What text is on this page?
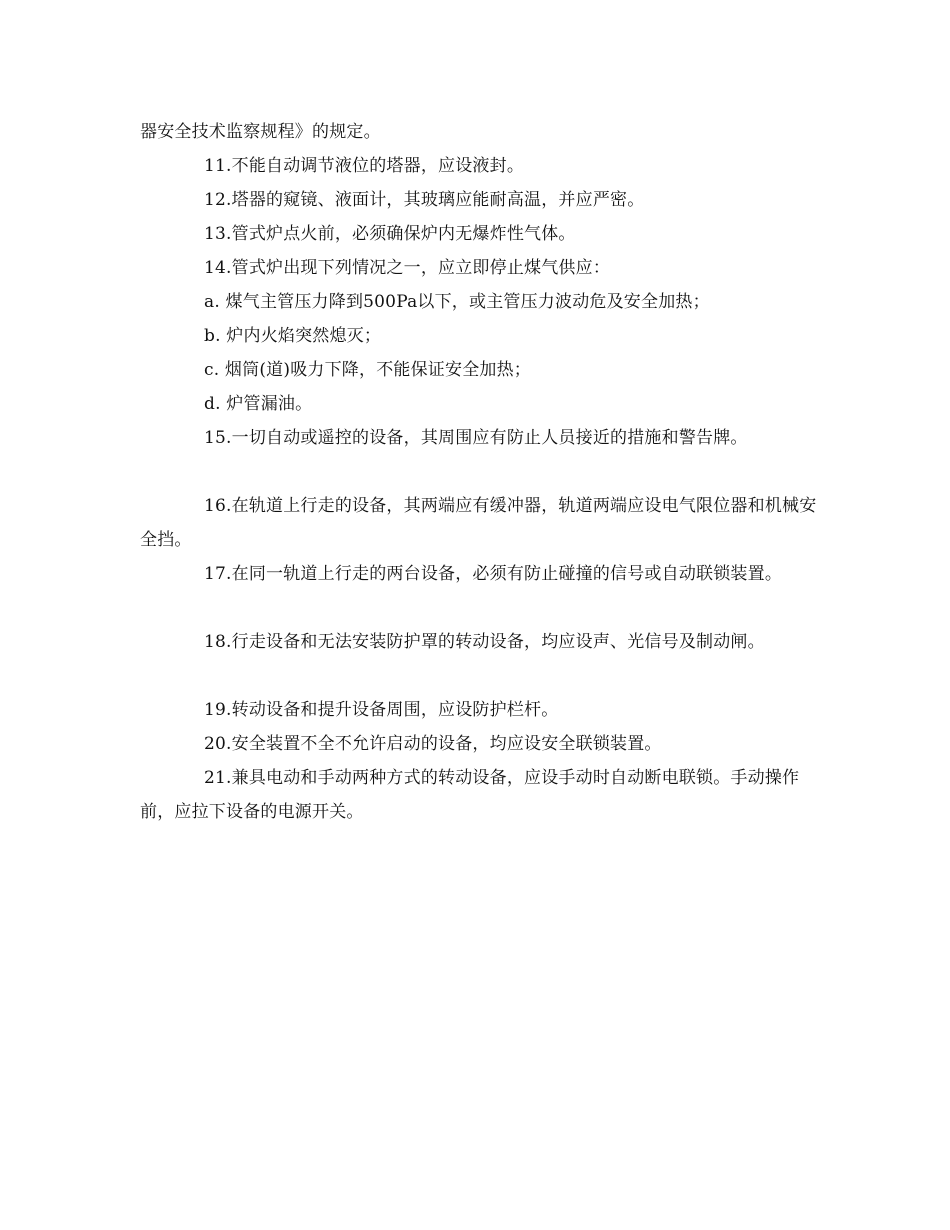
器安全技术监察规程》的规定。

11.不能自动调节液位的塔器，应设液封。

12.塔器的窥镜、液面计，其玻璃应能耐高温，并应严密。

13.管式炉点火前，必须确保炉内无爆炸性气体。

14.管式炉出现下列情况之一，应立即停止煤气供应：

a. 煤气主管压力降到500Pa以下，或主管压力波动危及安全加热；

b. 炉内火焰突然熄灭；

c. 烟筒(道)吸力下降，不能保证安全加热；

d. 炉管漏油。

15.一切自动或遥控的设备，其周围应有防止人员接近的措施和警告牌。

16.在轨道上行走的设备，其两端应有缓冲器，轨道两端应设电气限位器和机械安全挡。

17.在同一轨道上行走的两台设备，必须有防止碰撞的信号或自动联锁装置。

18.行走设备和无法安装防护罩的转动设备，均应设声、光信号及制动闸。

19.转动设备和提升设备周围，应设防护栏杆。

20.安全装置不全不允许启动的设备，均应设安全联锁装置。

21.兼具电动和手动两种方式的转动设备，应设手动时自动断电联锁。手动操作前，应拉下设备的电源开关。
